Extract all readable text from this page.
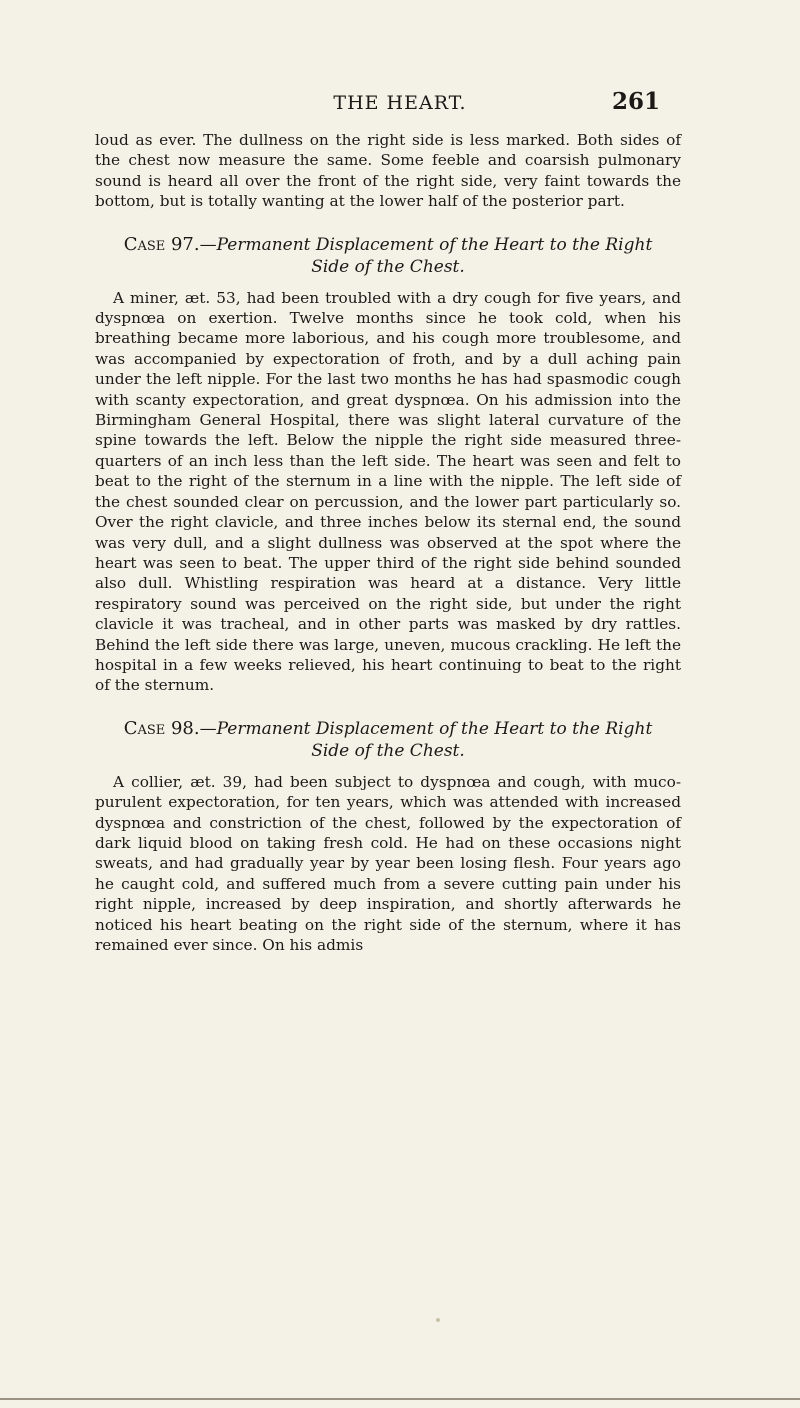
THE HEART.	261

loud as ever. The dullness on the right side is less marked. Both sides of the chest now measure the same. Some feeble and coarsish pulmonary sound is heard all over the front of the right side, very faint towards the bottom, but is totally wanting at the lower half of the posterior part.

Case 97.—Permanent Displacement of the Heart to the Right
Side of the Chest.

A miner, æt. 53, had been troubled with a dry cough for five years, and dyspnœa on exertion. Twelve months since he took cold, when his breathing became more laborious, and his cough more troublesome, and was accompanied by expectoration of froth, and by a dull aching pain under the left nipple. For the last two months he has had spasmodic cough with scanty expectoration, and great dyspnœa. On his admission into the Birmingham General Hospital, there was slight lateral curvature of the spine towards the left. Below the nipple the right side measured three-quarters of an inch less than the left side. The heart was seen and felt to beat to the right of the sternum in a line with the nipple. The left side of the chest sounded clear on percussion, and the lower part particularly so. Over the right clavicle, and three inches below its sternal end, the sound was very dull, and a slight dullness was observed at the spot where the heart was seen to beat. The upper third of the right side behind sounded also dull. Whistling respiration was heard at a distance. Very little respiratory sound was perceived on the right side, but under the right clavicle it was tracheal, and in other parts was masked by dry rattles. Behind the left side there was large, uneven, mucous crackling. He left the hospital in a few weeks relieved, his heart continuing to beat to the right of the sternum.

Case 98.—Permanent Displacement of the Heart to the Right
Side of the Chest.

A collier, æt. 39, had been subject to dyspnœa and cough, with muco-purulent expectoration, for ten years, which was attended with increased dyspnœa and constriction of the chest, followed by the expectoration of dark liquid blood on taking fresh cold. He had on these occasions night sweats, and had gradually year by year been losing flesh. Four years ago he caught cold, and suffered much from a severe cutting pain under his right nipple, increased by deep inspiration, and shortly afterwards he noticed his heart beating on the right side of the sternum, where it has remained ever since. On his admis
